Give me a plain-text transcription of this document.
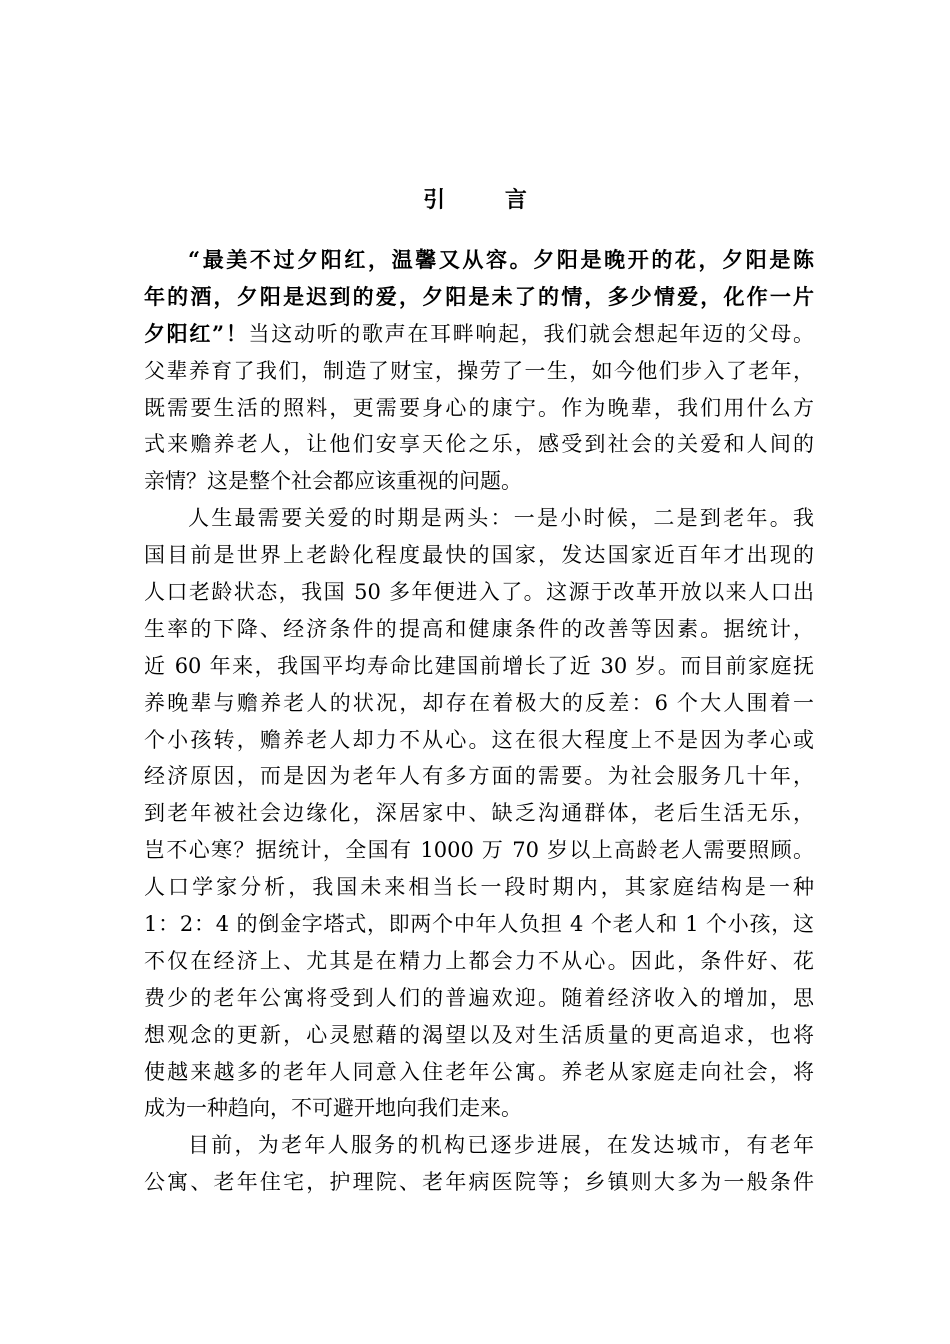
引 言
“最美不过夕阳红，温馨又从容。夕阳是晚开的花，夕阳是陈
年的酒，夕阳是迟到的爱，夕阳是未了的情，多少情爱，化作一片
夕阳红”！当这动听的歌声在耳畔响起，我们就会想起年迈的父母。
父辈养育了我们，制造了财宝，操劳了一生，如今他们步入了老年，
既需要生活的照料，更需要身心的康宁。作为晚辈，我们用什么方
式来赡养老人，让他们安享天伦之乐，感受到社会的关爱和人间的
亲情？这是整个社会都应该重视的问题。
人生最需要关爱的时期是两头：一是小时候，二是到老年。我
国目前是世界上老龄化程度最快的国家，发达国家近百年才出现的
人口老龄状态，我国 50 多年便进入了。这源于改革开放以来人口出
生率的下降、经济条件的提高和健康条件的改善等因素。据统计，
近 60 年来，我国平均寿命比建国前增长了近 30 岁。而目前家庭抚
养晚辈与赡养老人的状况，却存在着极大的反差：6 个大人围着一
个小孩转，赡养老人却力不从心。这在很大程度上不是因为孝心或
经济原因，而是因为老年人有多方面的需要。为社会服务几十年，
到老年被社会边缘化，深居家中、缺乏沟通群体，老后生活无乐，
岂不心寒？据统计，全国有 1000 万 70 岁以上高龄老人需要照顾。
人口学家分析，我国未来相当长一段时期内，其家庭结构是一种
1：2：4 的倒金字塔式，即两个中年人负担 4 个老人和 1 个小孩，这
不仅在经济上、尤其是在精力上都会力不从心。因此，条件好、花
费少的老年公寓将受到人们的普遍欢迎。随着经济收入的增加，思
想观念的更新，心灵慰藉的渴望以及对生活质量的更高追求，也将
使越来越多的老年人同意入住老年公寓。养老从家庭走向社会，将
成为一种趋向，不可避开地向我们走来。
目前，为老年人服务的机构已逐步进展，在发达城市，有老年
公寓、老年住宅，护理院、老年病医院等；乡镇则大多为一般条件
